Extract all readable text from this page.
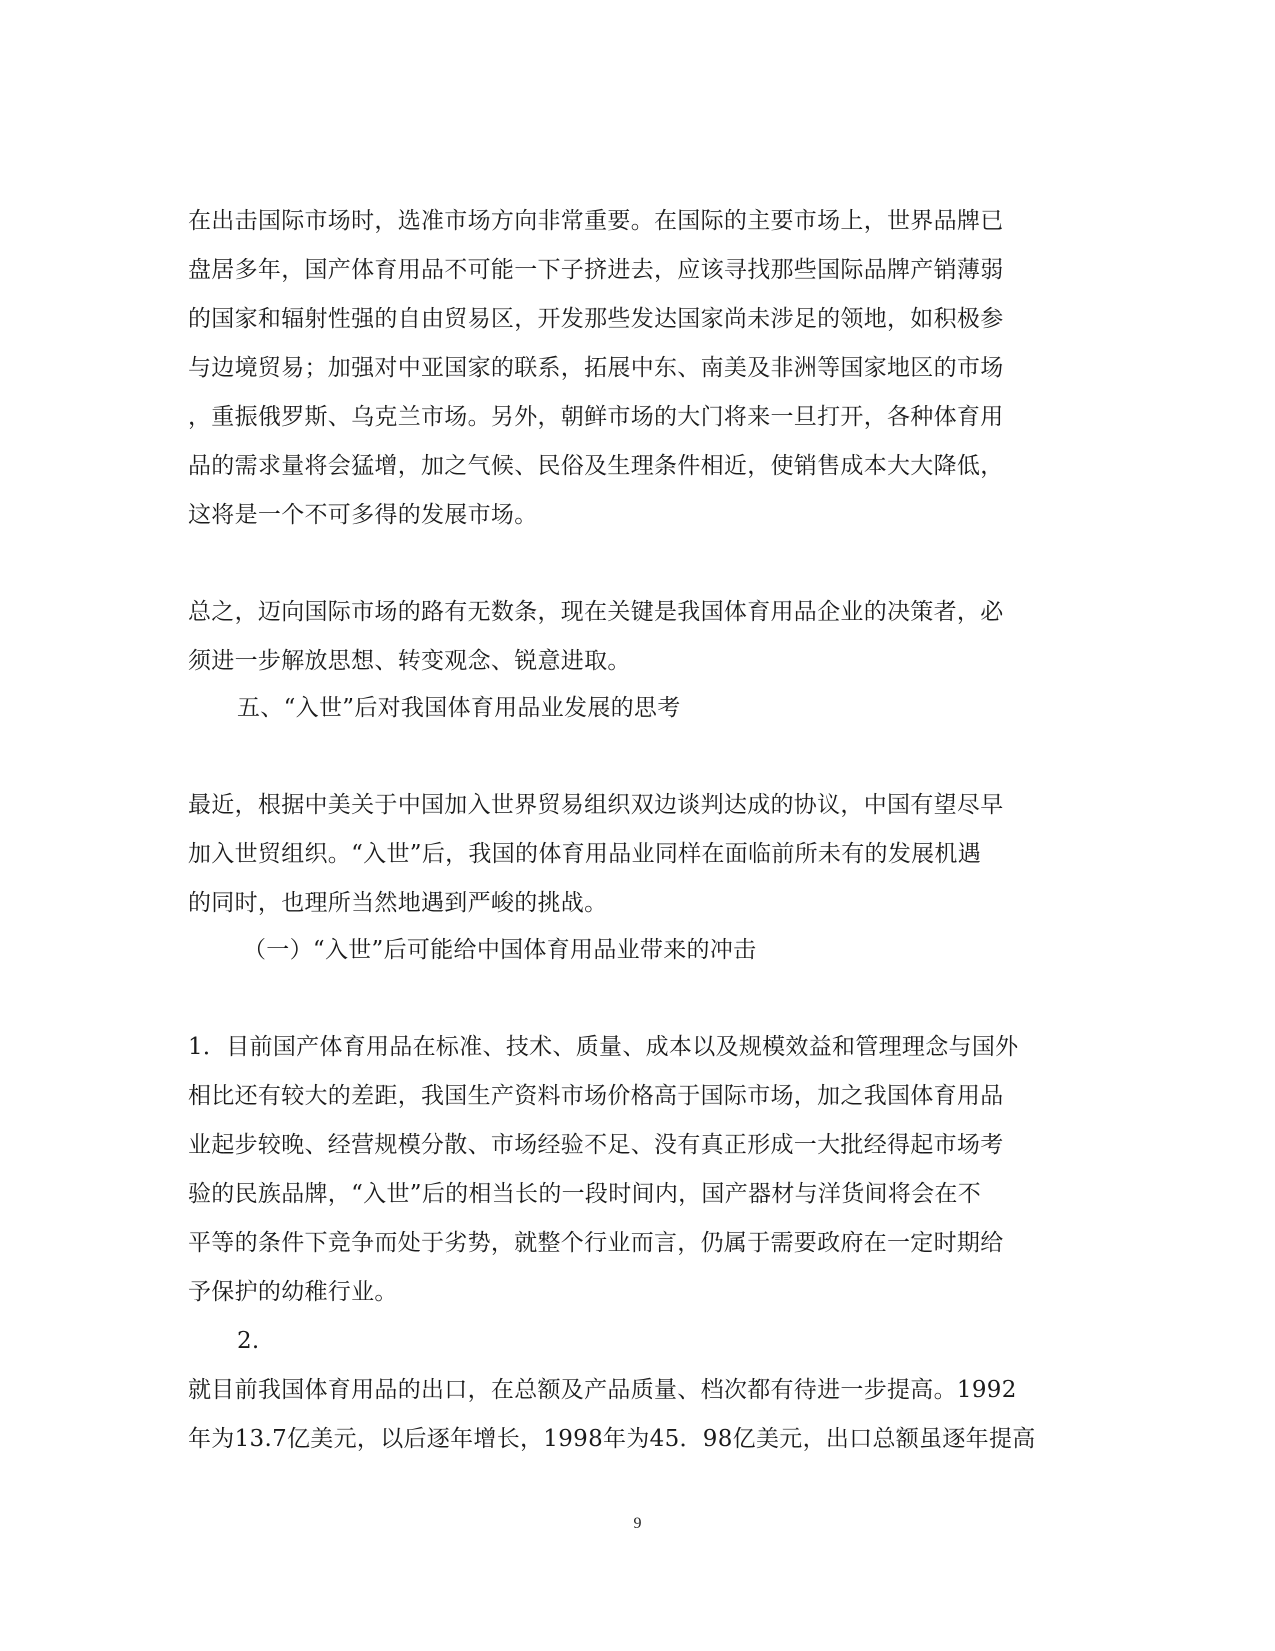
在出击国际市场时，选准市场方向非常重要。在国际的主要市场上，世界品牌已
盘居多年，国产体育用品不可能一下子挤进去，应该寻找那些国际品牌产销薄弱
的国家和辐射性强的自由贸易区，开发那些发达国家尚未涉足的领地，如积极参
与边境贸易；加强对中亚国家的联系，拓展中东、南美及非洲等国家地区的市场
，重振俄罗斯、乌克兰市场。另外，朝鲜市场的大门将来一旦打开，各种体育用
品的需求量将会猛增，加之气候、民俗及生理条件相近，使销售成本大大降低，
这将是一个不可多得的发展市场。
总之，迈向国际市场的路有无数条，现在关键是我国体育用品企业的决策者，必
须进一步解放思想、转变观念、锐意进取。
五、“入世”后对我国体育用品业发展的思考
最近，根据中美关于中国加入世界贸易组织双边谈判达成的协议，中国有望尽早
加入世贸组织。“入世”后，我国的体育用品业同样在面临前所未有的发展机遇
的同时，也理所当然地遇到严峻的挑战。
（一）“入世”后可能给中国体育用品业带来的冲击
1．目前国产体育用品在标准、技术、质量、成本以及规模效益和管理理念与国外
相比还有较大的差距，我国生产资料市场价格高于国际市场，加之我国体育用品
业起步较晚、经营规模分散、市场经验不足、没有真正形成一大批经得起市场考
验的民族品牌，“入世”后的相当长的一段时间内，国产器材与洋货间将会在不
平等的条件下竞争而处于劣势，就整个行业而言，仍属于需要政府在一定时期给
予保护的幼稚行业。
2.
就目前我国体育用品的出口，在总额及产品质量、档次都有待进一步提高。1992
年为13.7亿美元，以后逐年增长，1998年为45．98亿美元，出口总额虽逐年提高
9
